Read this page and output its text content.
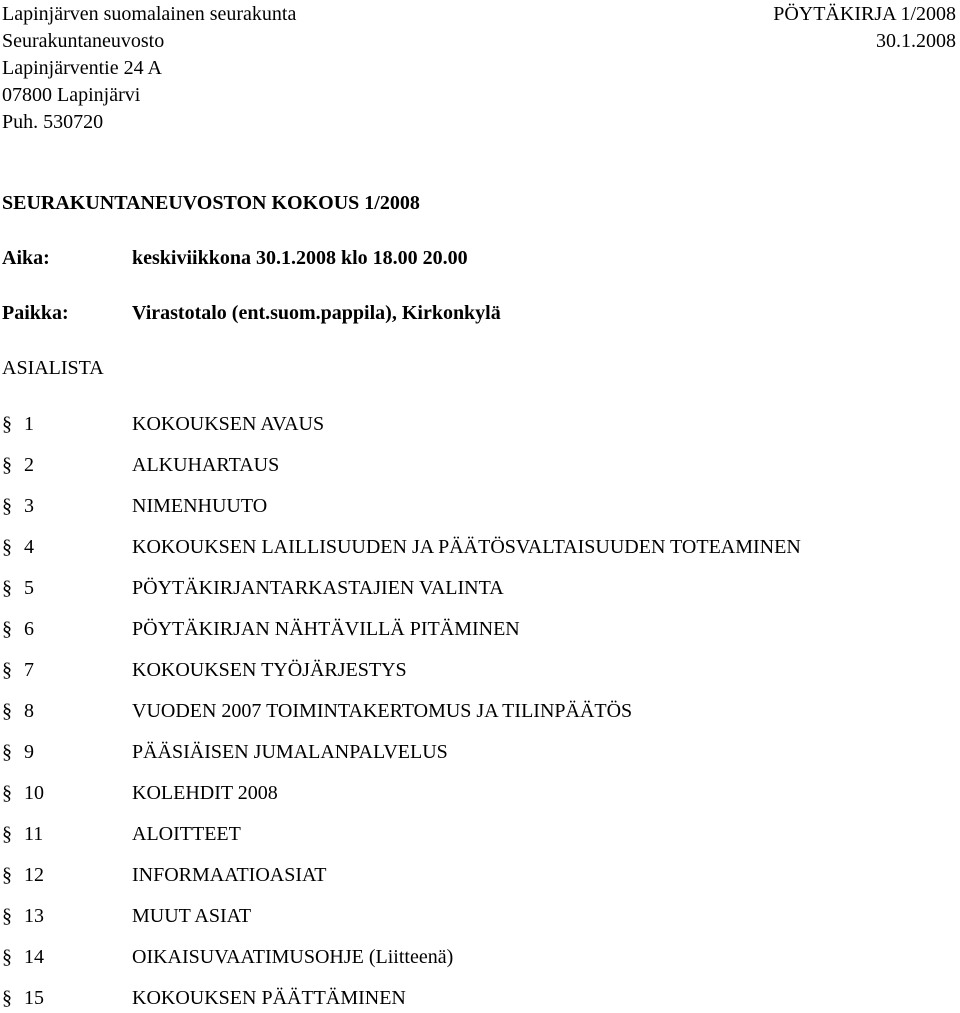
Lapinjärven suomalainen seurakunta	PÖYTÄKIRJA 1/2008
Seurakuntaneuvosto	30.1.2008
Lapinjärventie 24 A
07800 Lapinjärvi
Puh. 530720
SEURAKUNTANEUVOSTON KOKOUS 1/2008
Aika:	keskiviikkona 30.1.2008 klo 18.00 20.00
Paikka:	Virastotalo (ent.suom.pappila), Kirkonkylä
ASIALISTA
§ 1	KOKOUKSEN AVAUS
§ 2	ALKUHARTAUS
§ 3	NIMENHUUTO
§ 4	KOKOUKSEN LAILLISUUDEN JA PÄÄTÖSVALTAISUUDEN TOTEAMINEN
§ 5	PÖYTÄKIRJANTARKASTAJIEN VALINTA
§ 6	PÖYTÄKIRJAN NÄHTÄVILLÄ PITÄMINEN
§ 7	KOKOUKSEN TYÖJÄRJESTYS
§ 8	VUODEN 2007 TOIMINTAKERTOMUS JA TILINPÄÄTÖS
§ 9	PÄÄSIÄISEN JUMALANPALVELUS
§ 10	KOLEHDIT 2008
§ 11	ALOITTEET
§ 12	INFORMAATIOASIAT
§ 13	MUUT ASIAT
§ 14	OIKAISUVAATIMUSOHJE (Liitteenä)
§ 15	KOKOUKSEN PÄÄTTÄMINEN
